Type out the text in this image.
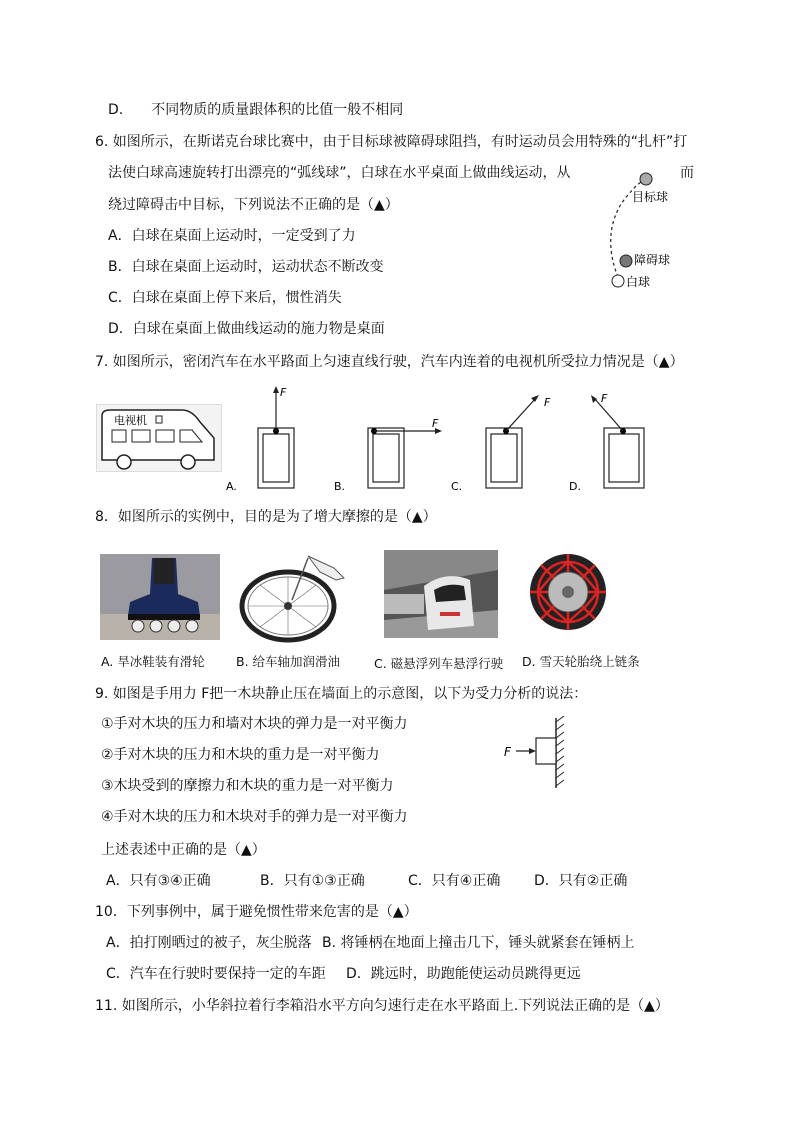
D.　　不同物质的质量跟体积的比值一般不相同
6. 如图所示，在斯诺克台球比赛中，由于目标球被障碍球阻挡，有时运动员会用特殊的“扎杆”打
法使白球高速旋转打出漂亮的“弧线球”，白球在水平桌面上做曲线运动，从	而
绕过障碍击中目标，下列说法不正确的是（▲）
A．白球在桌面上运动时，一定受到了力
B．白球在桌面上运动时，运动状态不断改变
C．白球在桌面上停下来后，惯性消失
D．白球在桌面上做曲线运动的施力物是桌面
目标球
障碍球
白球
7. 如图所示，密闭汽车在水平路面上匀速直线行驶，汽车内连着的电视机所受拉力情况是（▲）
电视机
F
A.
F
B.
F
C.
F
D.
8．如图所示的实例中，目的是为了增大摩擦的是（▲）
A. 旱冰鞋装有滑轮 B. 给车轴加润滑油	C. 磁悬浮列车悬浮行驶 D. 雪天轮胎绕上链条
9. 如图是手用力 F把一木块静止压在墙面上的示意图，以下为受力分析的说法：
①手对木块的压力和墙对木块的弹力是一对平衡力
②手对木块的压力和木块的重力是一对平衡力
③木块受到的摩擦力和木块的重力是一对平衡力
④手对木块的压力和木块对手的弹力是一对平衡力
上述表述中正确的是（▲）
A．只有③④正确	B．只有①③正确	C．只有④正确 D．只有②正确
F
10．下列事例中，属于避免惯性带来危害的是（▲）
A．拍打刚晒过的被子，灰尘脱落 B. 将锤柄在地面上撞击几下，锤头就紧套在锤柄上
C．汽车在行驶时要保持一定的车距 D．跳远时，助跑能使运动员跳得更远
11. 如图所示，小华斜拉着行李箱沿水平方向匀速行走在水平路面上.下列说法正确的是（▲）
